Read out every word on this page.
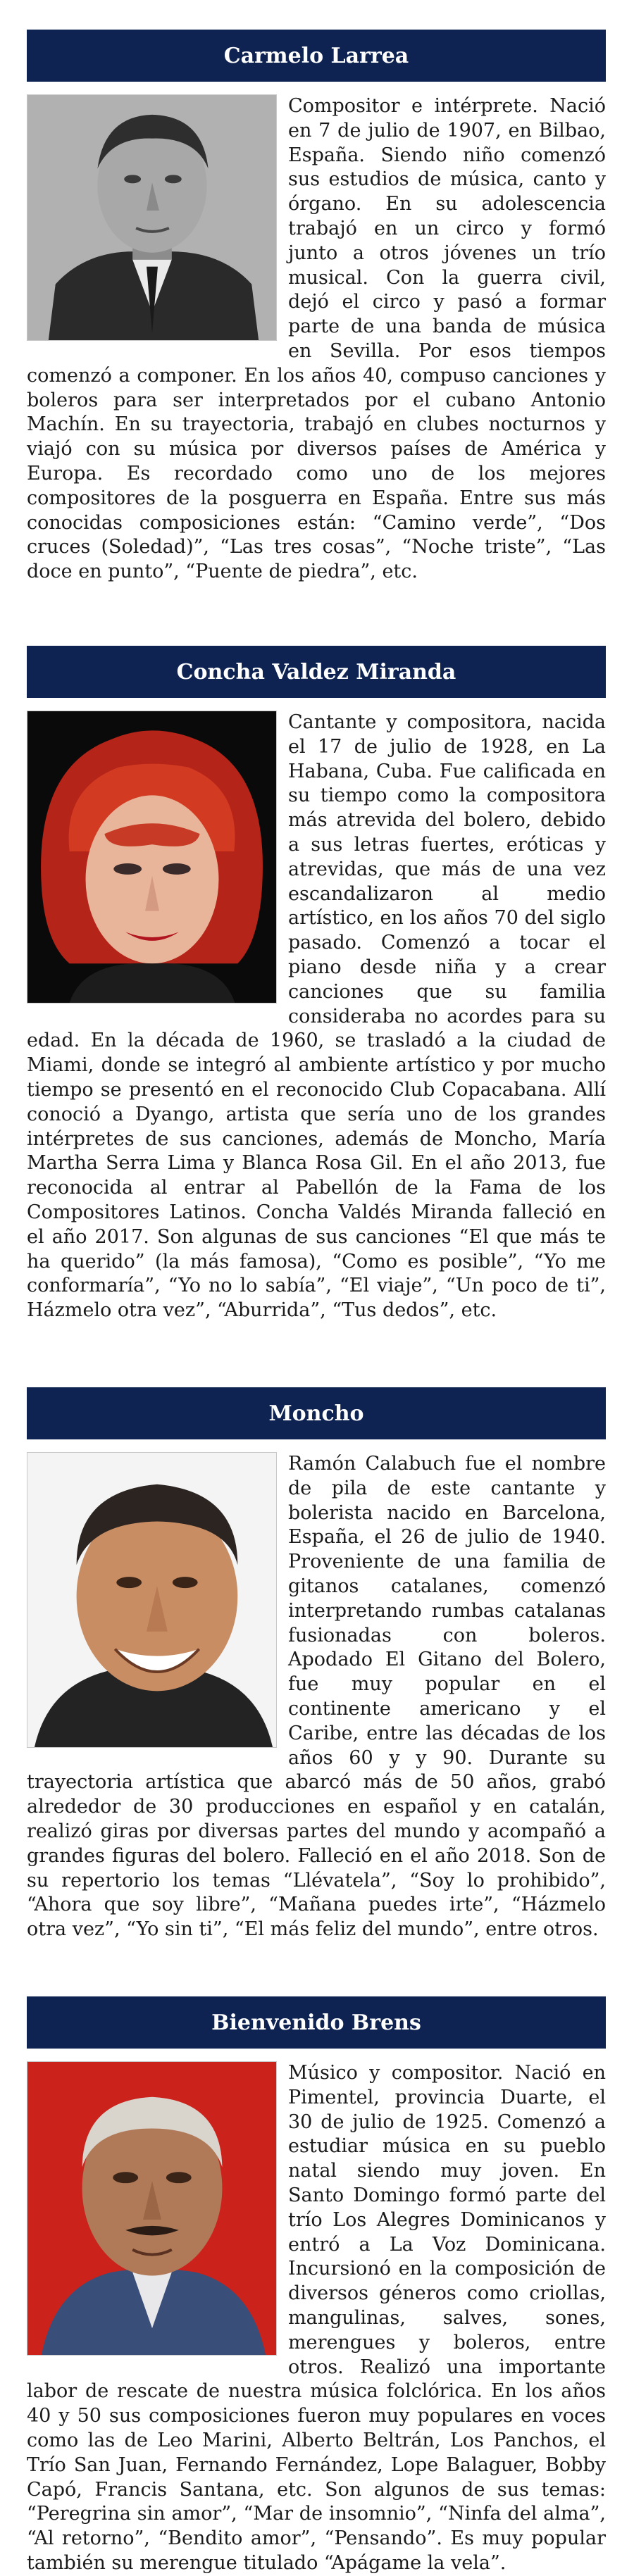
Carmelo Larrea
Compositor e intérprete. Nació en 7 de julio de 1907, en Bilbao, España. Siendo niño comenzó sus estudios de música, canto y órgano. En su adolescencia trabajó en un circo y formó junto a otros jóvenes un trío musical. Con la guerra civil, dejó el circo y pasó a formar parte de una banda de música en Sevilla. Por esos tiempos comenzó a componer. En los años 40, compuso canciones y boleros para ser interpretados por el cubano Antonio Machín. En su trayectoria, trabajó en clubes nocturnos y viajó con su música por diversos países de América y Europa. Es recordado como uno de los mejores compositores de la posguerra en España. Entre sus más conocidas composiciones están: “Camino verde”, “Dos cruces (Soledad)”, “Las tres cosas”, “Noche triste”, “Las doce en punto”, “Puente de piedra”, etc.
Concha Valdez Miranda
Cantante y compositora, nacida el 17 de julio de 1928, en La Habana, Cuba. Fue calificada en su tiempo como la compositora más atrevida del bolero, debido a sus letras fuertes, eróticas y atrevidas, que más de una vez escandalizaron al medio artístico, en los años 70 del siglo pasado. Comenzó a tocar el piano desde niña y a crear canciones que su familia consideraba no acordes para su edad. En la década de 1960, se trasladó a la ciudad de Miami, donde se integró al ambiente artístico y por mucho tiempo se presentó en el reconocido Club Copacabana. Allí conoció a Dyango, artista que sería uno de los grandes intérpretes de sus canciones, además de Moncho, María Martha Serra Lima y Blanca Rosa Gil. En el año 2013, fue reconocida al entrar al Pabellón de la Fama de los Compositores Latinos. Concha Valdés Miranda falleció en el año 2017. Son algunas de sus canciones “El que más te ha querido” (la más famosa), “Como es posible”, “Yo me conformaría”, “Yo no lo sabía”, “El viaje”, “Un poco de ti”, Házmelo otra vez”, “Aburrida”, “Tus dedos”, etc.
Moncho
Ramón Calabuch fue el nombre de pila de este cantante y bolerista nacido en Barcelona, España, el 26 de julio de 1940. Proveniente de una familia de gitanos catalanes, comenzó interpretando rumbas catalanas fusionadas con boleros. Apodado El Gitano del Bolero, fue muy popular en el continente americano y el Caribe, entre las décadas de los años 60 y y 90. Durante su trayectoria artística que abarcó más de 50 años, grabó alrededor de 30 producciones en español y en catalán, realizó giras por diversas partes del mundo y acompañó a grandes figuras del bolero. Falleció en el año 2018. Son de su repertorio los temas “Llévatela”, “Soy lo prohibido”, “Ahora que soy libre”, “Mañana puedes irte”, “Házmelo otra vez”, “Yo sin ti”, “El más feliz del mundo”, entre otros.
Bienvenido Brens
Músico y compositor. Nació en Pimentel, provincia Duarte, el 30 de julio de 1925. Comenzó a estudiar música en su pueblo natal siendo muy joven. En Santo Domingo formó parte del trío Los Alegres Dominicanos y entró a La Voz Dominicana. Incursionó en la composición de diversos géneros como criollas, mangulinas, salves, sones, merengues y boleros, entre otros. Realizó una importante labor de rescate de nuestra música folclórica. En los años 40 y 50 sus composiciones fueron muy populares en voces como las de Leo Marini, Alberto Beltrán, Los Panchos, el Trío San Juan, Fernando Fernández, Lope Balaguer, Bobby Capó, Francis Santana, etc. Son algunos de sus temas: “Peregrina sin amor”, “Mar de insomnio”, “Ninfa del alma”, “Al retorno”, “Bendito amor”, “Pensando”. Es muy popular también su merengue titulado “Apágame la vela”.
